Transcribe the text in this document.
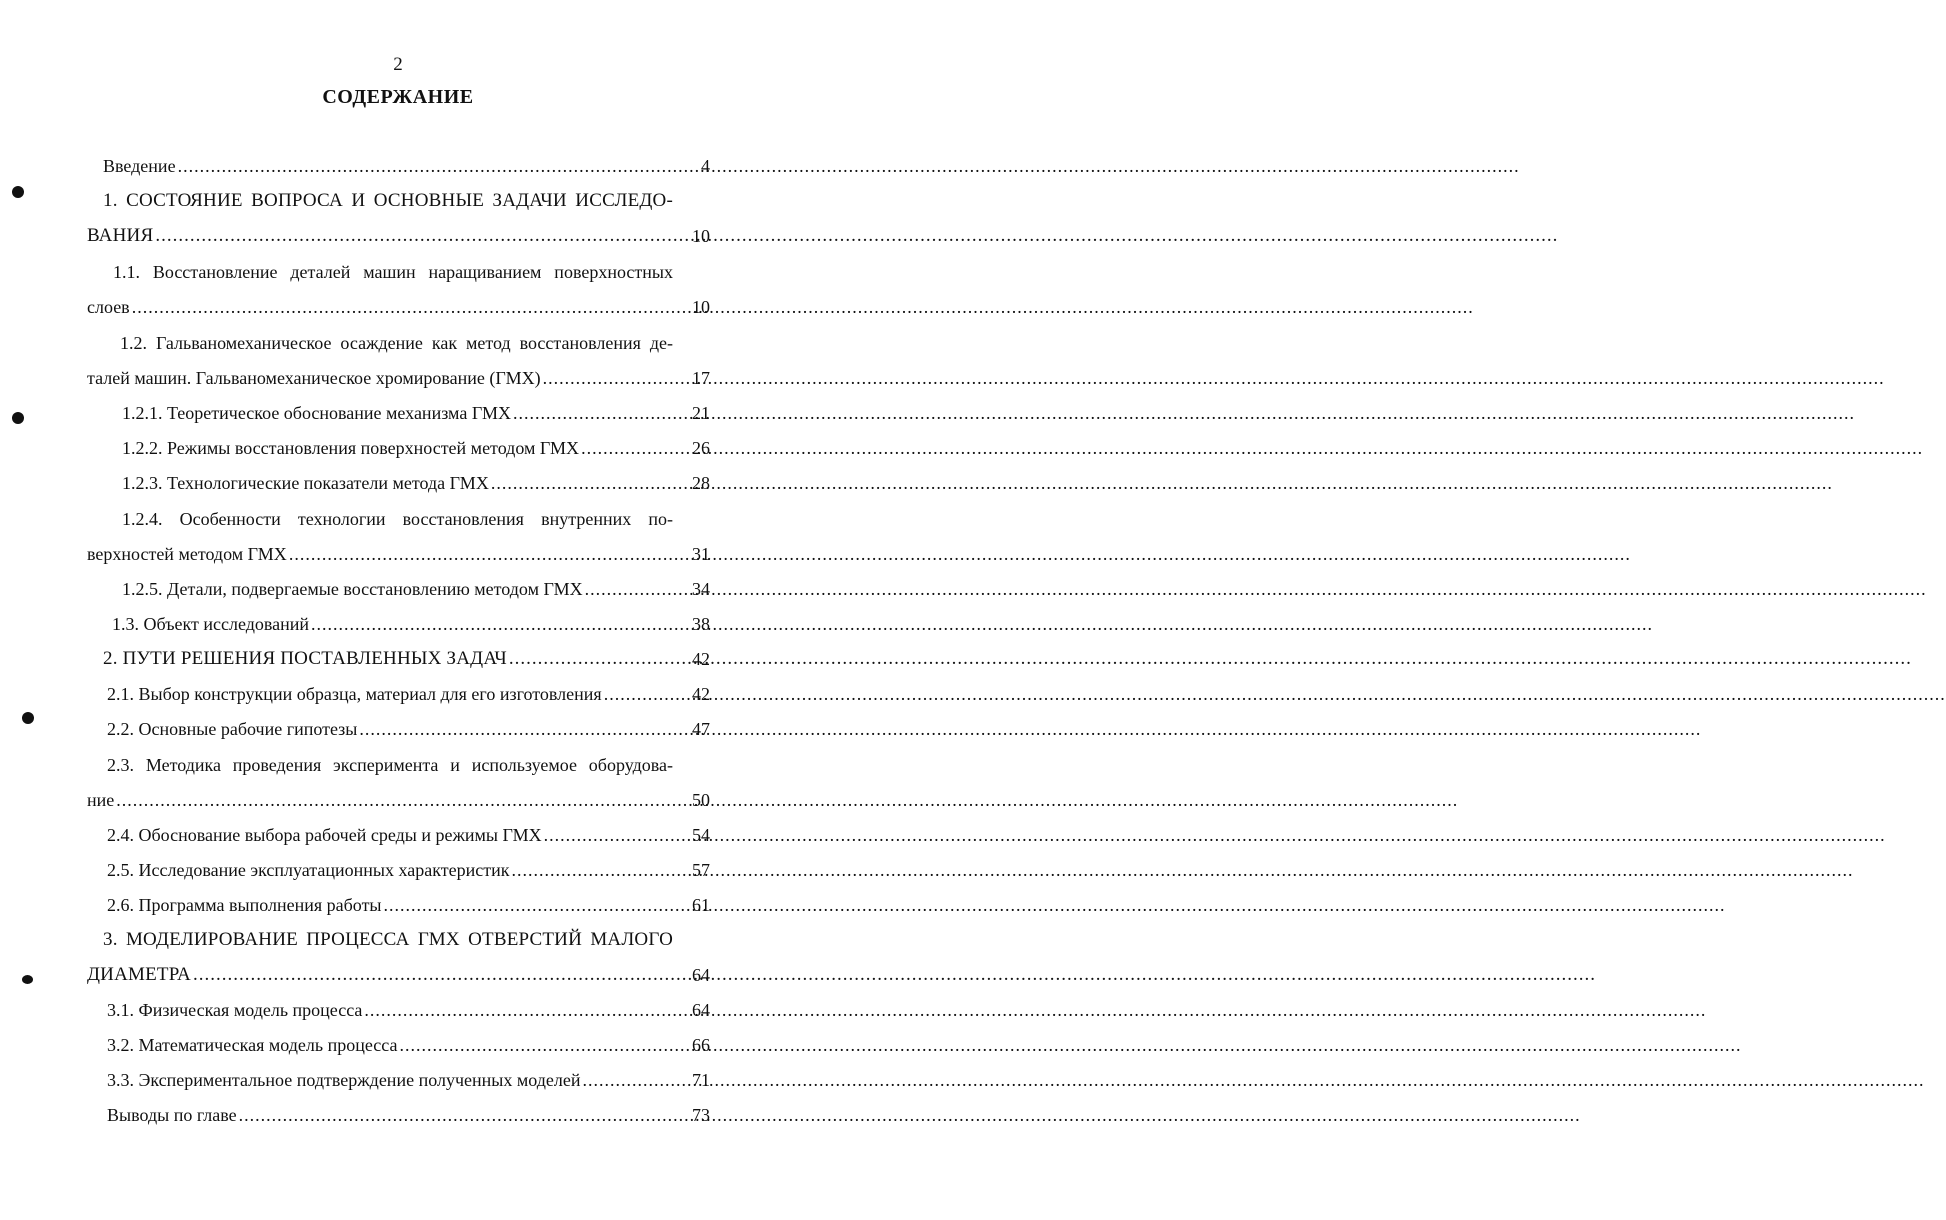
2
СОДЕРЖАНИЕ
Введение .....	4
1. СОСТОЯНИЕ ВОПРОСА И ОСНОВНЫЕ ЗАДАЧИ ИССЛЕДО-
ВАНИЯ .....	10
1.1. Восстановление деталей машин наращиванием поверхностных
слоев .....	10
1.2. Гальваномеханическое осаждение как метод восстановления де-
талей машин. Гальваномеханическое хромирование (ГМХ) .....	17
1.2.1. Теоретическое обоснование механизма ГМХ .....	21
1.2.2. Режимы восстановления поверхностей методом ГМХ .....	26
1.2.3. Технологические показатели метода ГМХ .....	28
1.2.4. Особенности технологии восстановления внутренних по-
верхностей методом ГМХ .....	31
1.2.5. Детали, подвергаемые восстановлению методом ГМХ .....	34
1.3. Объект исследований .....	38
2. ПУТИ РЕШЕНИЯ ПОСТАВЛЕННЫХ ЗАДАЧ .....	42
2.1. Выбор конструкции образца, материал для его изготовления .....	42
2.2. Основные рабочие гипотезы .....	47
2.3. Методика проведения эксперимента и используемое оборудова-
ние .....	50
2.4. Обоснование выбора рабочей среды и режимы ГМХ .....	54
2.5. Исследование эксплуатационных характеристик .....	57
2.6. Программа выполнения работы .....	61
3. МОДЕЛИРОВАНИЕ ПРОЦЕССА ГМХ ОТВЕРСТИЙ МАЛОГО
ДИАМЕТРА .....	64
3.1. Физическая модель процесса .....	64
3.2. Математическая модель процесса .....	66
3.3. Экспериментальное подтверждение полученных моделей .....	71
Выводы по главе .....	73
